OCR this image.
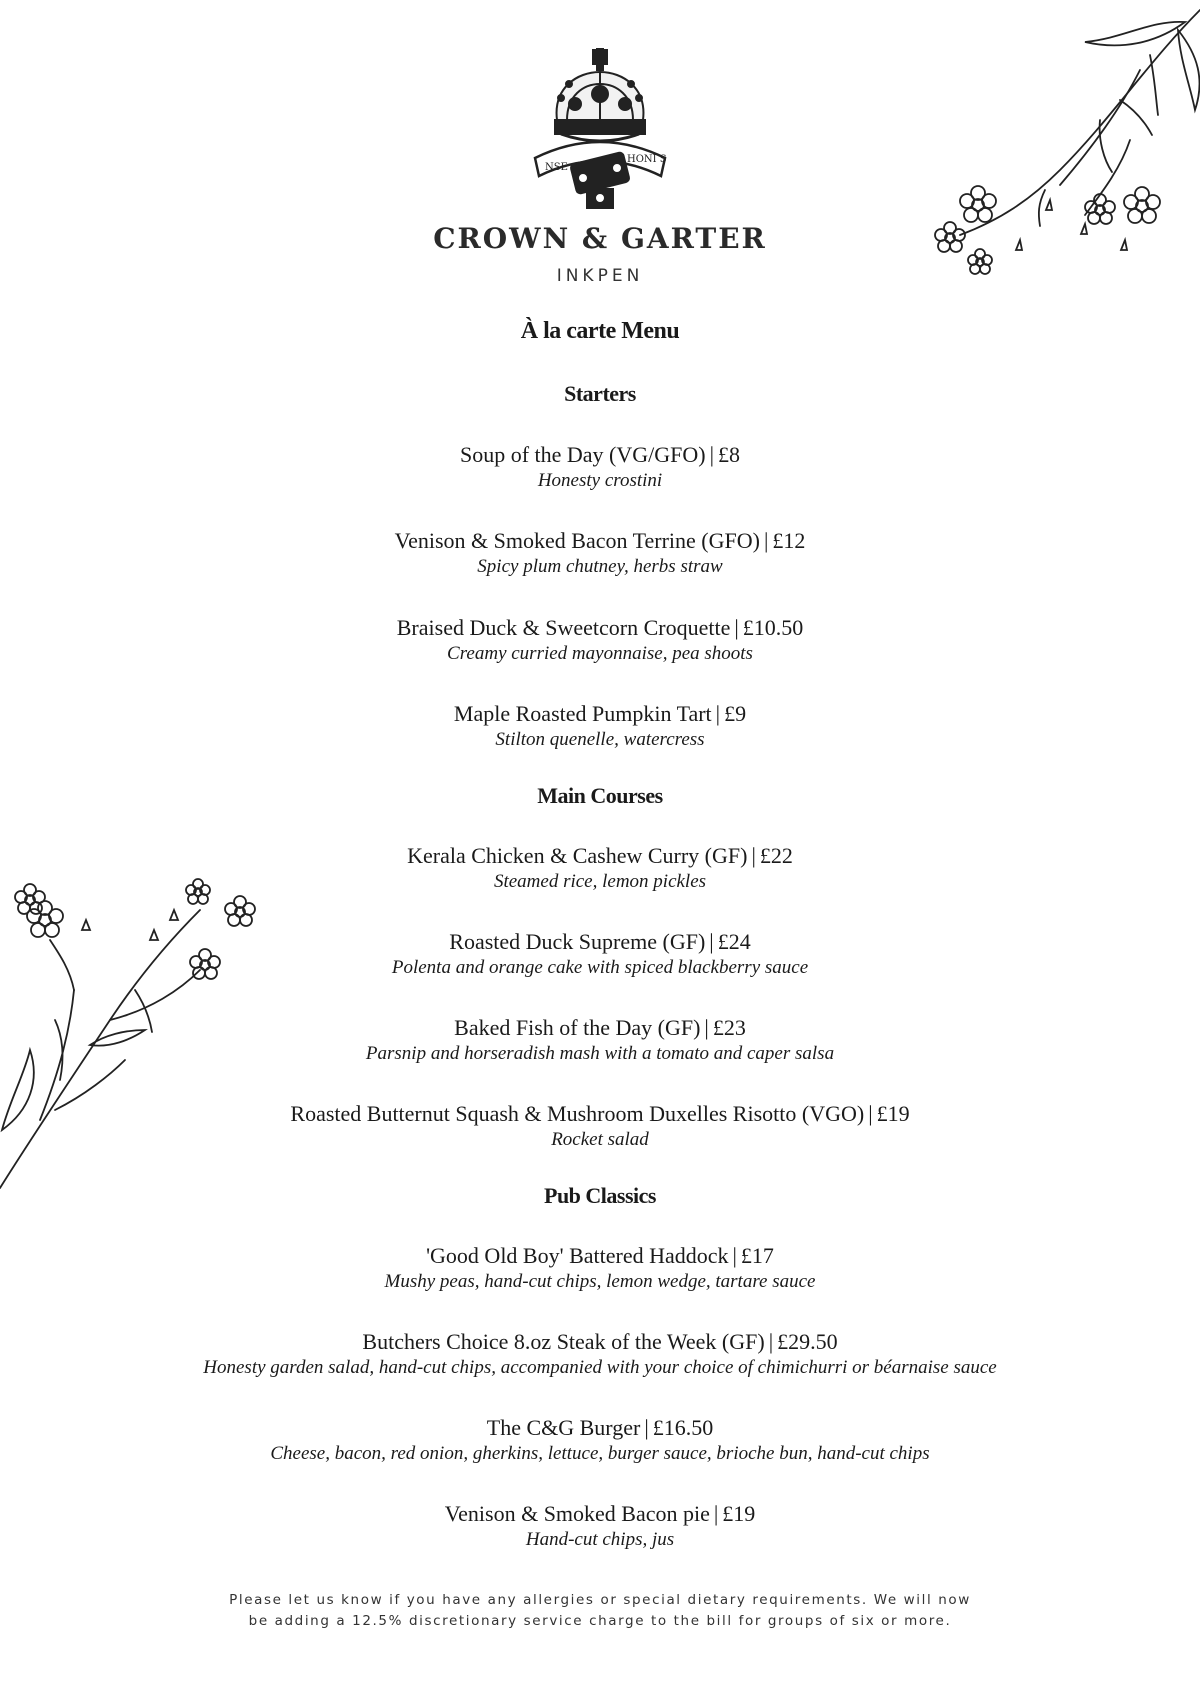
NSE
HONI S
CROWN & GARTER
INKPEN
À la carte Menu
Starters
Soup of the Day (VG/GFO) | £8
Honesty crostini
Venison & Smoked Bacon Terrine (GFO) | £12
Spicy plum chutney, herbs straw
Braised Duck & Sweetcorn Croquette | £10.50
Creamy curried mayonnaise, pea shoots
Maple Roasted Pumpkin Tart | £9
Stilton quenelle, watercress
Main Courses
Kerala Chicken & Cashew Curry (GF) | £22
Steamed rice, lemon pickles
Roasted Duck Supreme (GF) | £24
Polenta and orange cake with spiced blackberry sauce
Baked Fish of the Day (GF) | £23
Parsnip and horseradish mash with a tomato and caper salsa
Roasted Butternut Squash & Mushroom Duxelles Risotto (VGO) | £19
Rocket salad
Pub Classics
'Good Old Boy' Battered Haddock | £17
Mushy peas, hand-cut chips, lemon wedge, tartare sauce
Butchers Choice 8.oz Steak of the Week (GF) | £29.50
Honesty garden salad, hand-cut chips, accompanied with your choice of chimichurri or béarnaise sauce
The C&G Burger | £16.50
Cheese, bacon, red onion, gherkins, lettuce, burger sauce, brioche bun, hand-cut chips
Venison & Smoked Bacon pie | £19
Hand-cut chips, jus
Please let us know if you have any allergies or special dietary requirements. We will now
be adding a 12.5% discretionary service charge to the bill for groups of six or more.
